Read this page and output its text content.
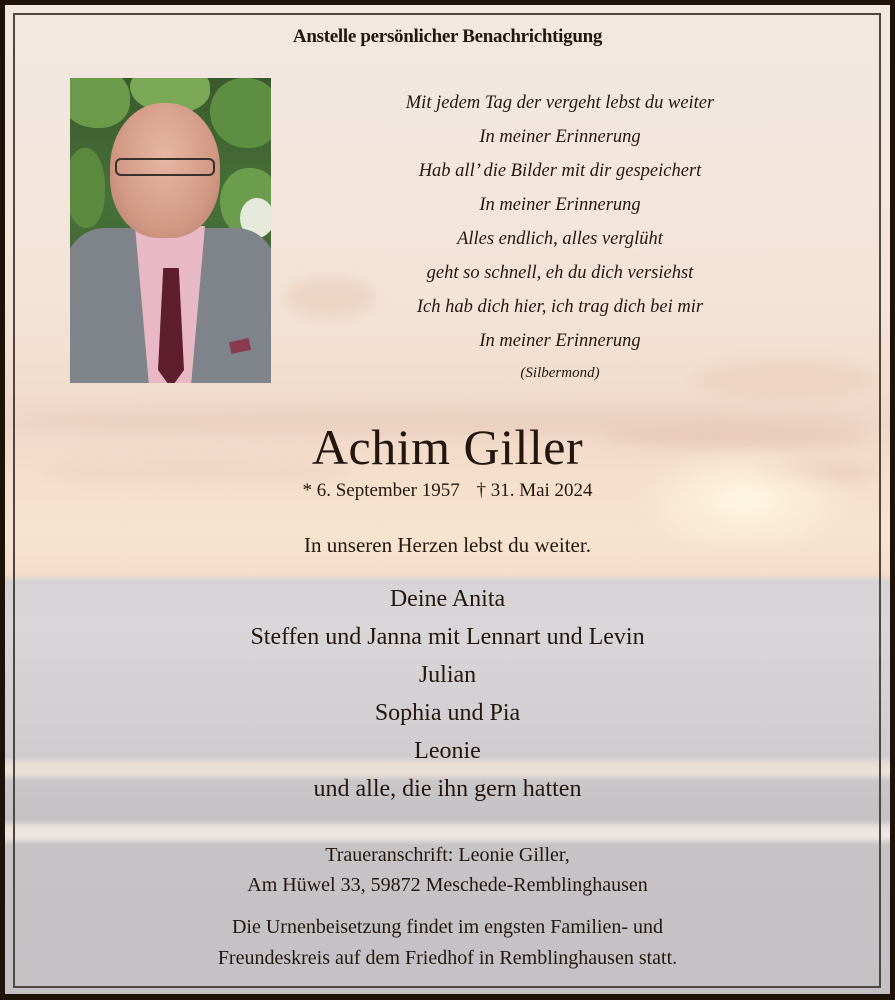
Anstelle persönlicher Benachrichtigung
Mit jedem Tag der vergeht lebst du weiter
In meiner Erinnerung
Hab all’ die Bilder mit dir gespeichert
In meiner Erinnerung
Alles endlich, alles verglüht
geht so schnell, eh du dich versiehst
Ich hab dich hier, ich trag dich bei mir
In meiner Erinnerung
(Silbermond)
Achim Giller
* 6. September 1957 † 31. Mai 2024
In unseren Herzen lebst du weiter.
Deine Anita
Steffen und Janna mit Lennart und Levin
Julian
Sophia und Pia
Leonie
und alle, die ihn gern hatten
Traueranschrift: Leonie Giller,
Am Hüwel 33, 59872 Meschede-Remblinghausen
Die Urnenbeisetzung findet im engsten Familien- und
Freundeskreis auf dem Friedhof in Remblinghausen statt.
